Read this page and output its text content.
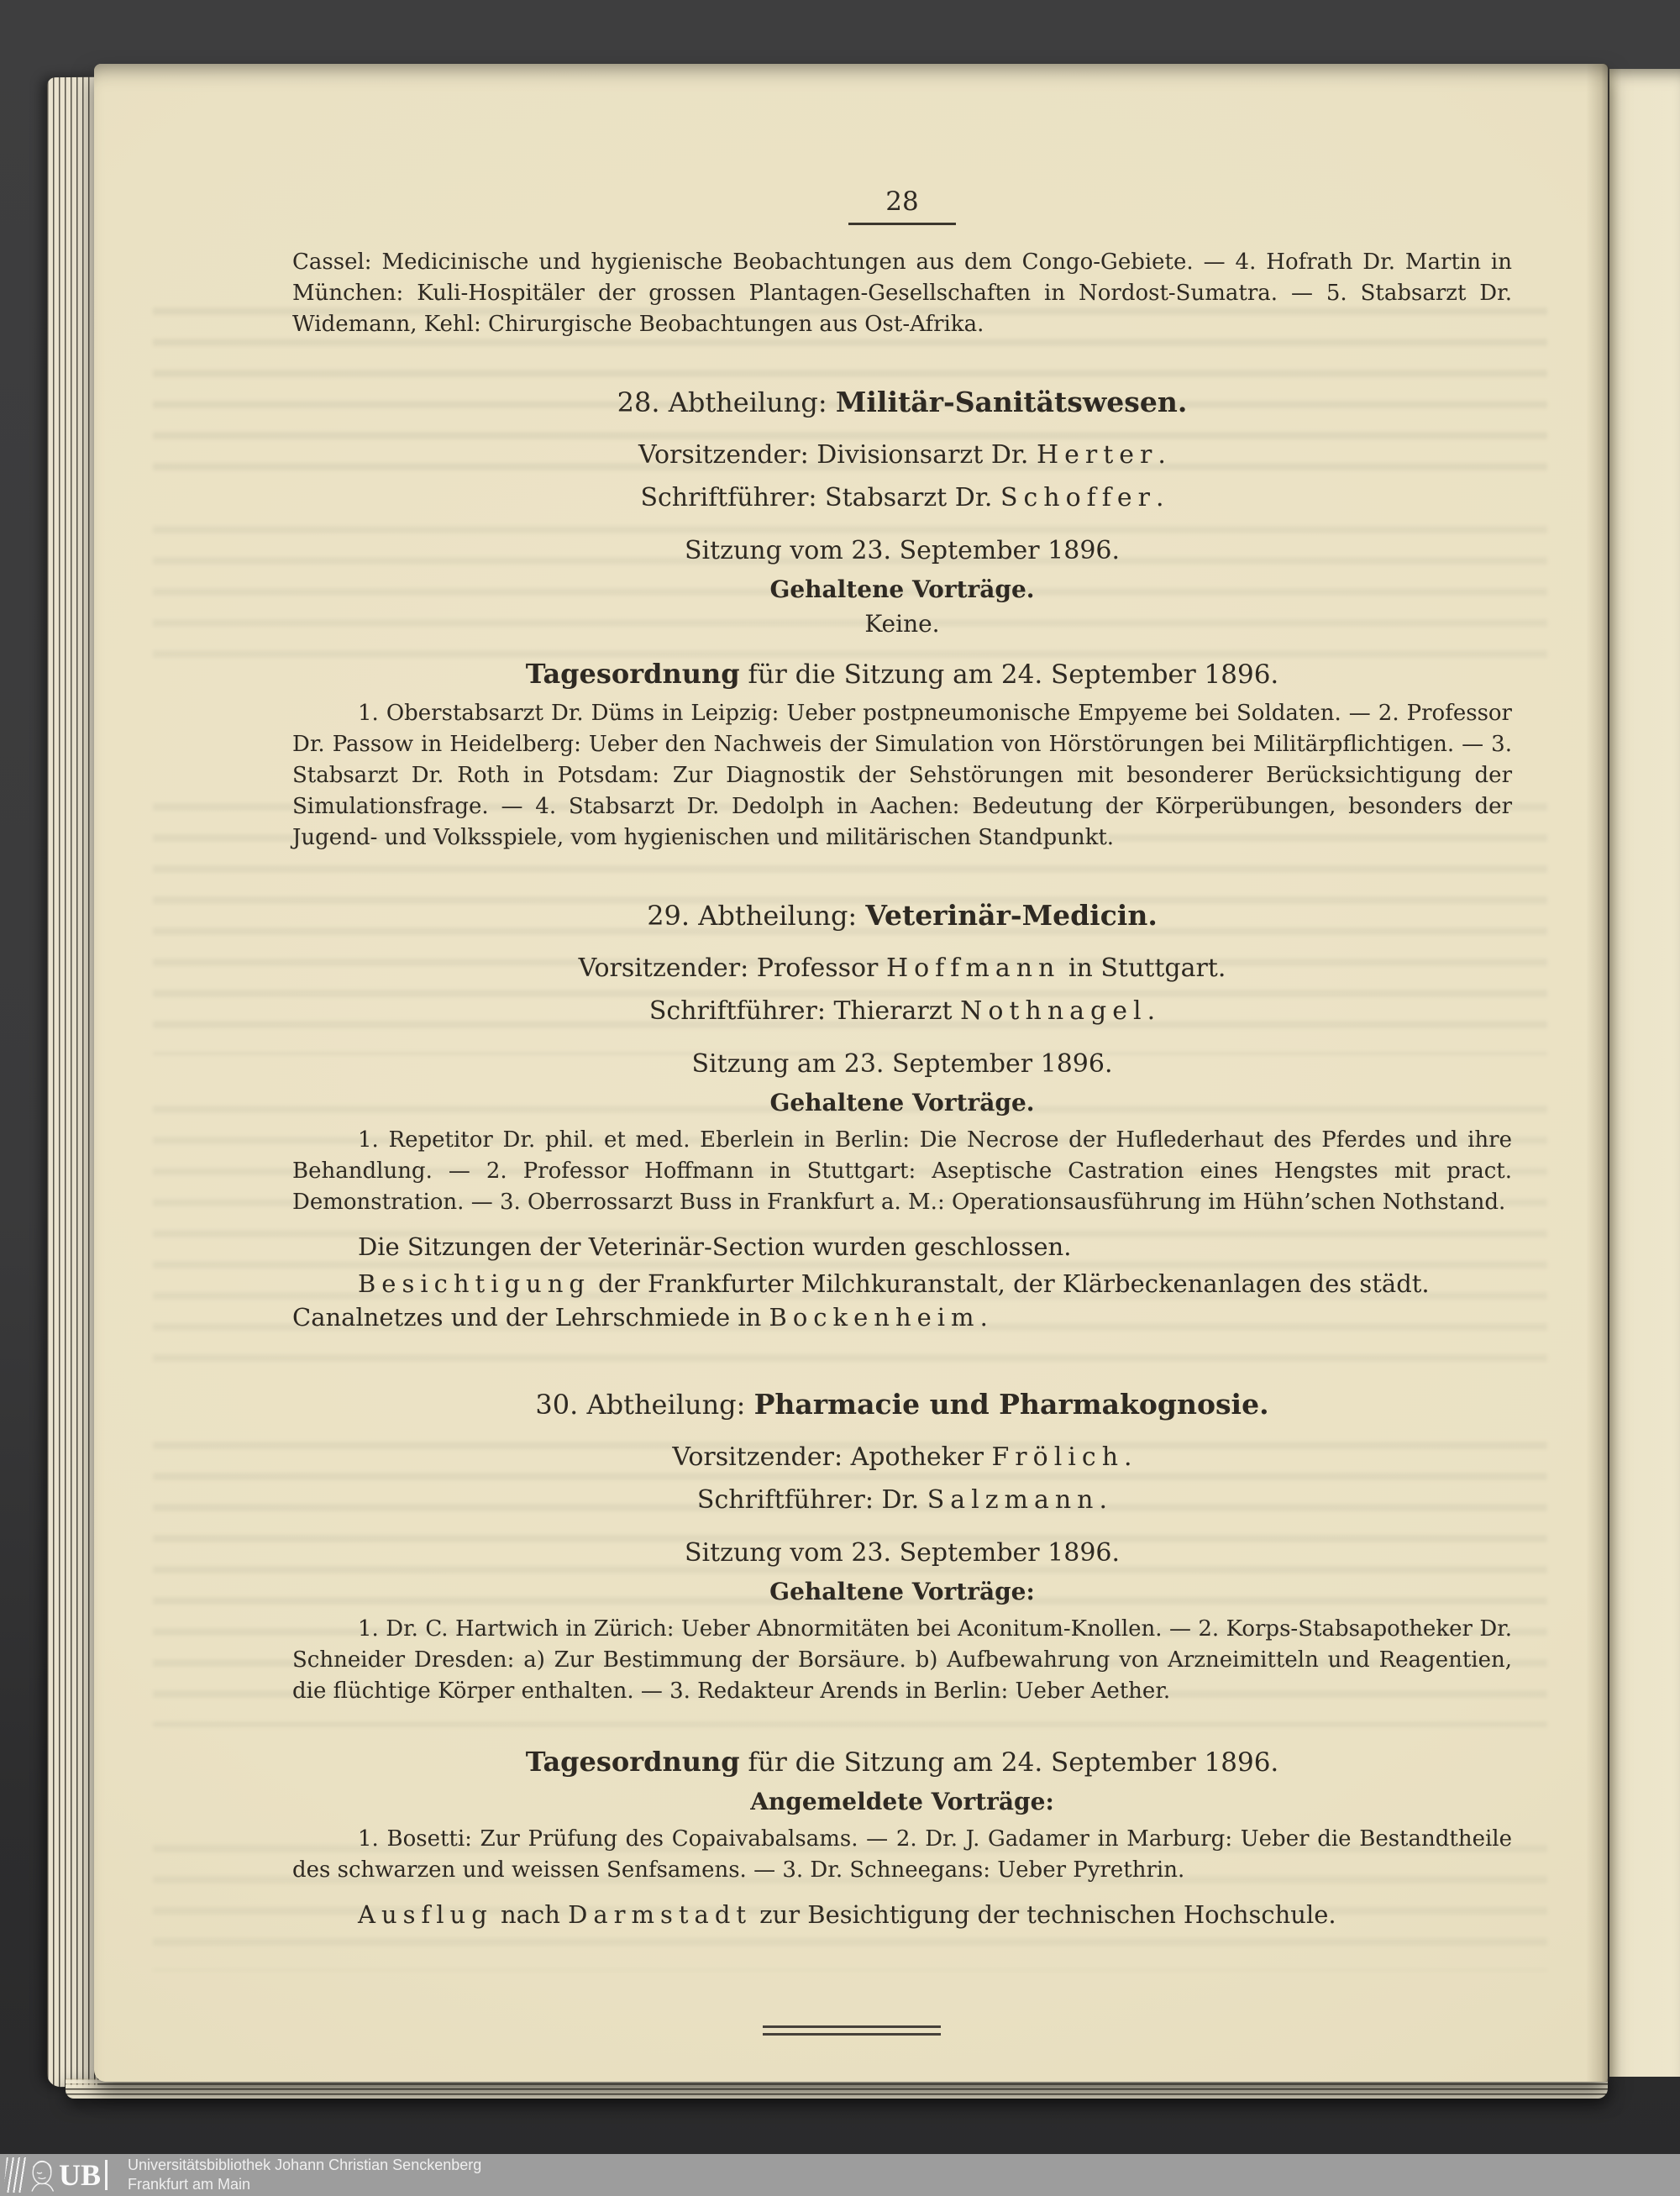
28

Cassel: Medicinische und hygienische Beobachtungen aus dem Congo-Gebiete. — 4. Hofrath Dr. Martin in München: Kuli-Hospitäler der grossen Plantagen-Gesellschaften in Nordost-Sumatra. — 5. Stabsarzt Dr. Widemann, Kehl: Chirurgische Beobachtungen aus Ost-Afrika.

28. Abtheilung: Militär-Sanitätswesen.
Vorsitzender: Divisionsarzt Dr. Herter.
Schriftführer: Stabsarzt Dr. Schoffer.
Sitzung vom 23. September 1896.
Gehaltene Vorträge.
Keine.
Tagesordnung für die Sitzung am 24. September 1896.

1. Oberstabsarzt Dr. Düms in Leipzig: Ueber postpneumonische Empyeme bei Soldaten. — 2. Professor Dr. Passow in Heidelberg: Ueber den Nachweis der Simulation von Hörstörungen bei Militärpflichtigen. — 3. Stabsarzt Dr. Roth in Potsdam: Zur Diagnostik der Sehstörungen mit besonderer Berücksichtigung der Simulationsfrage. — 4. Stabsarzt Dr. Dedolph in Aachen: Bedeutung der Körperübungen, besonders der Jugend- und Volksspiele, vom hygienischen und militärischen Standpunkt.

29. Abtheilung: Veterinär-Medicin.
Vorsitzender: Professor Hoffmann in Stuttgart.
Schriftführer: Thierarzt Nothnagel.
Sitzung am 23. September 1896.
Gehaltene Vorträge.

1. Repetitor Dr. phil. et med. Eberlein in Berlin: Die Necrose der Huflederhaut des Pferdes und ihre Behandlung. — 2. Professor Hoffmann in Stuttgart: Aseptische Castration eines Hengstes mit pract. Demonstration. — 3. Oberrossarzt Buss in Frankfurt a. M.: Operationsausführung im Hühn’schen Nothstand.

Die Sitzungen der Veterinär-Section wurden geschlossen.

Besichtigung der Frankfurter Milchkuranstalt, der Klärbeckenanlagen des städt. Canalnetzes und der Lehrschmiede in Bockenheim.

30. Abtheilung: Pharmacie und Pharmakognosie.
Vorsitzender: Apotheker Frölich.
Schriftführer: Dr. Salzmann.
Sitzung vom 23. September 1896.
Gehaltene Vorträge:

1. Dr. C. Hartwich in Zürich: Ueber Abnormitäten bei Aconitum-Knollen. — 2. Korps-Stabsapotheker Dr. Schneider Dresden: a) Zur Bestimmung der Borsäure. b) Aufbewahrung von Arzneimitteln und Reagentien, die flüchtige Körper enthalten. — 3. Redakteur Arends in Berlin: Ueber Aether.

Tagesordnung für die Sitzung am 24. September 1896.
Angemeldete Vorträge:

1. Bosetti: Zur Prüfung des Copaivabalsams. — 2. Dr. J. Gadamer in Marburg: Ueber die Bestandtheile des schwarzen und weissen Senfsamens. — 3. Dr. Schneegans: Ueber Pyrethrin.

Ausflug nach Darmstadt zur Besichtigung der technischen Hochschule.

UB Universitätsbibliothek Johann Christian Senckenberg
Frankfurt am Main
